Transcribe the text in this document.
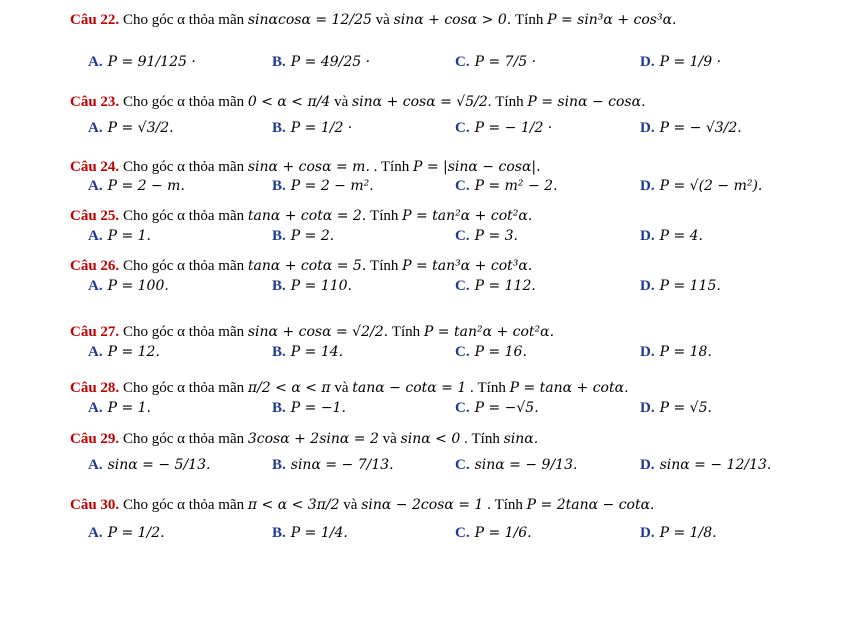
Câu 22. Cho góc α thỏa mãn sinαcosα = 12/25 và sinα + cosα > 0. Tính P = sin³α + cos³α.
A. P = 91/125 ·	B. P = 49/25 ·	C. P = 7/5 ·	D. P = 1/9 ·
Câu 23. Cho góc α thỏa mãn 0 < α < π/4 và sinα + cosα = √5/2. Tính P = sinα − cosα.
A. P = √3/2.	B. P = 1/2 ·	C. P = − 1/2 ·	D. P = − √3/2.
Câu 24. Cho góc α thỏa mãn sinα + cosα = m. . Tính P = |sinα − cosα|.
A. P = 2 − m.	B. P = 2 − m².	C. P = m² − 2.	D. P = √(2 − m²).
Câu 25. Cho góc α thỏa mãn tanα + cotα = 2. Tính P = tan²α + cot²α.
A. P = 1.	B. P = 2.	C. P = 3.	D. P = 4.
Câu 26. Cho góc α thỏa mãn tanα + cotα = 5. Tính P = tan³α + cot³α.
A. P = 100.	B. P = 110.	C. P = 112.	D. P = 115.
Câu 27. Cho góc α thỏa mãn sinα + cosα = √2/2. Tính P = tan²α + cot²α.
A. P = 12.	B. P = 14.	C. P = 16.	D. P = 18.
Câu 28. Cho góc α thỏa mãn π/2 < α < π và tanα − cotα = 1 . Tính P = tanα + cotα.
A. P = 1.	B. P = −1.	C. P = −√5.	D. P = √5.
Câu 29. Cho góc α thỏa mãn 3cosα + 2sinα = 2 và sinα < 0 . Tính sinα.
A. sinα = − 5/13.	B. sinα = − 7/13.	C. sinα = − 9/13.	D. sinα = − 12/13.
Câu 30. Cho góc α thỏa mãn π < α < 3π/2 và sinα − 2cosα = 1 . Tính P = 2tanα − cotα.
A. P = 1/2.	B. P = 1/4.	C. P = 1/6.	D. P = 1/8.
